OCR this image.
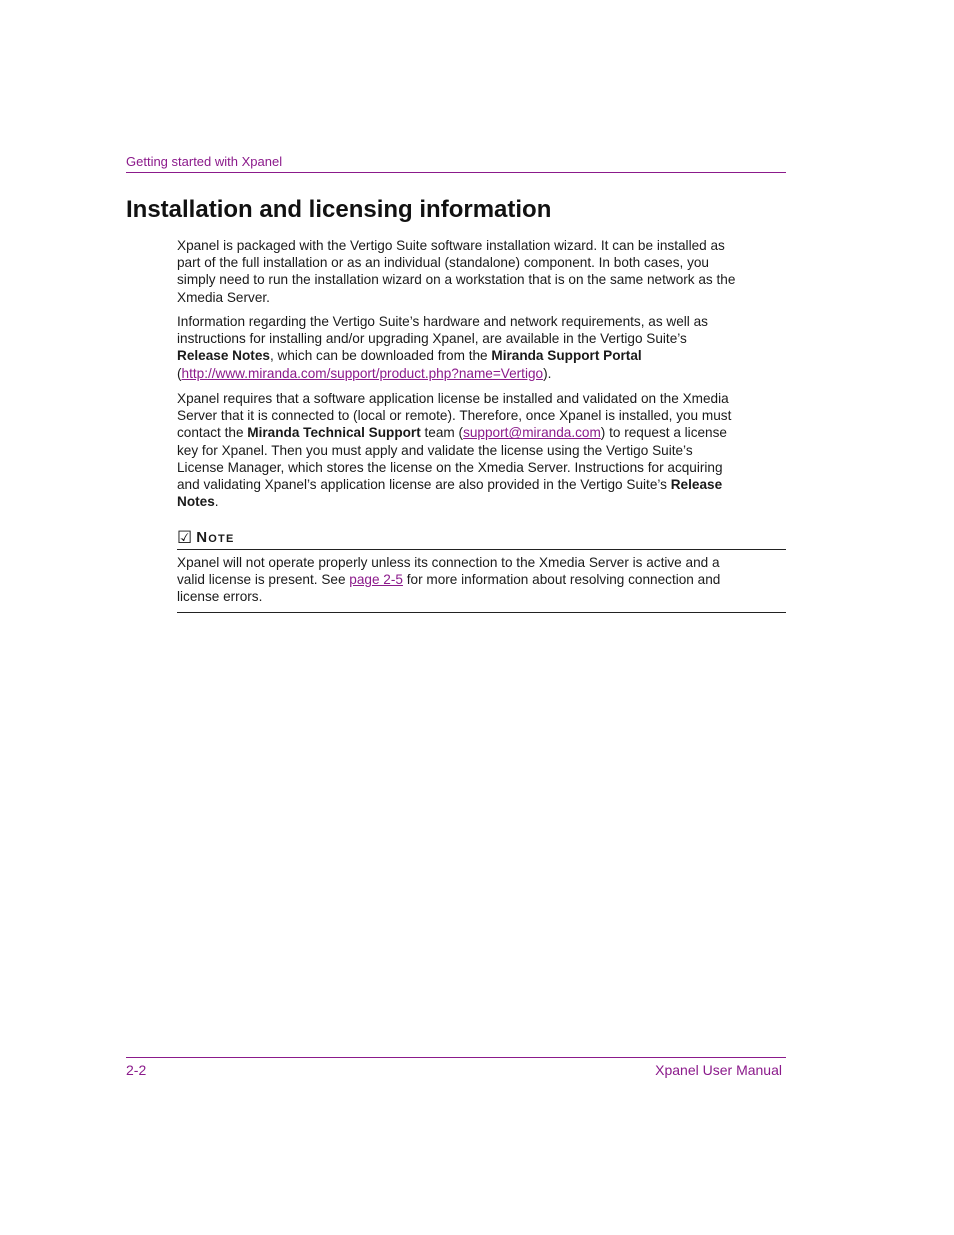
Getting started with Xpanel
Installation and licensing information

Xpanel is packaged with the Vertigo Suite software installation wizard. It can be installed as part of the full installation or as an individual (standalone) component. In both cases, you simply need to run the installation wizard on a workstation that is on the same network as the Xmedia Server.

Information regarding the Vertigo Suite’s hardware and network requirements, as well as instructions for installing and/or upgrading Xpanel, are available in the Vertigo Suite’s Release Notes, which can be downloaded from the Miranda Support Portal
(http://www.miranda.com/support/product.php?name=Vertigo).

Xpanel requires that a software application license be installed and validated on the Xmedia Server that it is connected to (local or remote). Therefore, once Xpanel is installed, you must contact the Miranda Technical Support team (support@miranda.com) to request a license key for Xpanel. Then you must apply and validate the license using the Vertigo Suite’s License Manager, which stores the license on the Xmedia Server. Instructions for acquiring and validating Xpanel’s application license are also provided in the Vertigo Suite’s Release Notes.

☑ Note

Xpanel will not operate properly unless its connection to the Xmedia Server is active and a valid license is present. See page 2-5 for more information about resolving connection and license errors.

2-2	Xpanel User Manual
